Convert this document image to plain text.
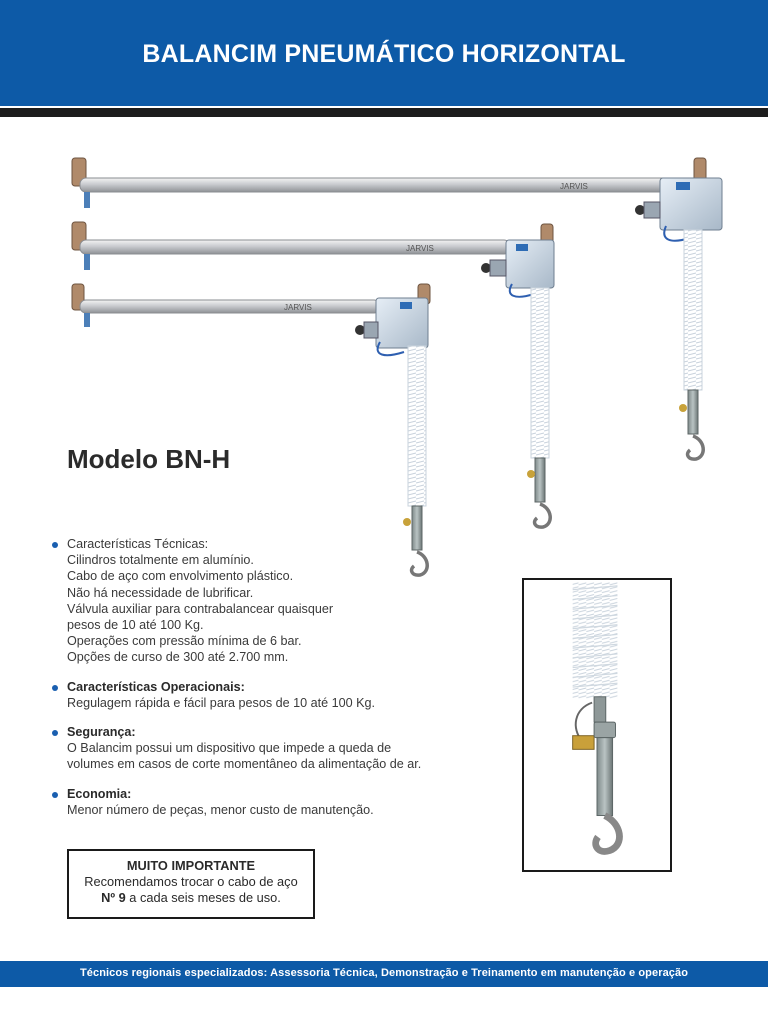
BALANCIM PNEUMÁTICO HORIZONTAL
JARVIS
JARVIS
JARVIS
Modelo BN-H
Características Técnicas:
Cilindros totalmente em alumínio.
Cabo de aço com envolvimento plástico.
Não há necessidade de lubrificar.
Válvula auxiliar para contrabalancear quaisquer
pesos de 10 até 100 Kg.
Operações com pressão mínima de 6 bar.
Opções de curso de 300 até 2.700 mm.
Características Operacionais:
Regulagem rápida e fácil para pesos de 10 até 100 Kg.
Segurança:
O Balancim possui um dispositivo que impede a queda de
volumes em casos de corte momentâneo da alimentação de ar.
Economia:
Menor número de peças, menor custo de manutenção.
MUITO IMPORTANTE
Recomendamos trocar o cabo de aço
Nº 9 a cada seis meses de uso.
Técnicos regionais especializados: Assessoria Técnica, Demonstração e Treinamento em manutenção e operação
